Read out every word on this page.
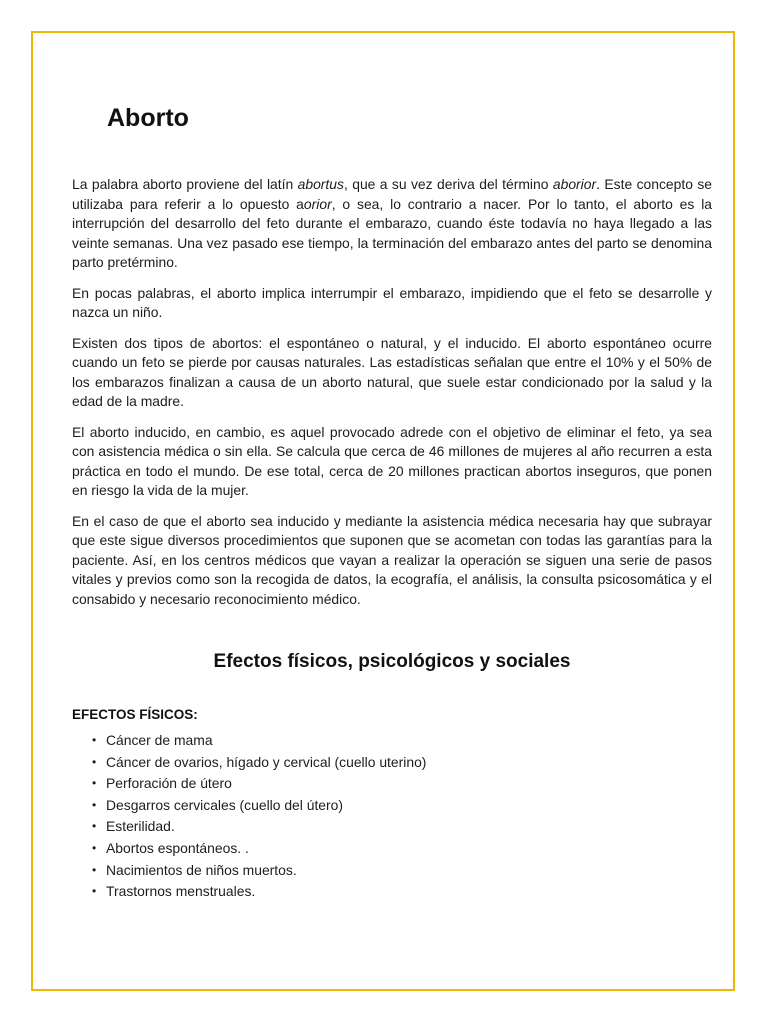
Aborto

La palabra aborto proviene del latín abortus, que a su vez deriva del término aborior. Este concepto se utilizaba para referir a lo opuesto aorior, o sea, lo contrario a nacer. Por lo tanto, el aborto es la interrupción del desarrollo del feto durante el embarazo, cuando éste todavía no haya llegado a las veinte semanas. Una vez pasado ese tiempo, la terminación del embarazo antes del parto se denomina parto pretérmino.

En pocas palabras, el aborto implica interrumpir el embarazo, impidiendo que el feto se desarrolle y nazca un niño.

Existen dos tipos de abortos: el espontáneo o natural, y el inducido. El aborto espontáneo ocurre cuando un feto se pierde por causas naturales. Las estadísticas señalan que entre el 10% y el 50% de los embarazos finalizan a causa de un aborto natural, que suele estar condicionado por la salud y la edad de la madre.

El aborto inducido, en cambio, es aquel provocado adrede con el objetivo de eliminar el feto, ya sea con asistencia médica o sin ella. Se calcula que cerca de 46 millones de mujeres al año recurren a esta práctica en todo el mundo. De ese total, cerca de 20 millones practican abortos inseguros, que ponen en riesgo la vida de la mujer.

En el caso de que el aborto sea inducido y mediante la asistencia médica necesaria hay que subrayar que este sigue diversos procedimientos que suponen que se acometan con todas las garantías para la paciente. Así, en los centros médicos que vayan a realizar la operación se siguen una serie de pasos vitales y previos como son la recogida de datos, la ecografía, el análisis, la consulta psicosomática y el consabido y necesario reconocimiento médico.

Efectos físicos, psicológicos y sociales
EFECTOS FÍSICOS:
• Cáncer de mama
• Cáncer de ovarios, hígado y cervical (cuello uterino)
• Perforación de útero
• Desgarros cervicales (cuello del útero)
• Esterilidad.
• Abortos espontáneos. .
• Nacimientos de niños muertos.
• Trastornos menstruales.
